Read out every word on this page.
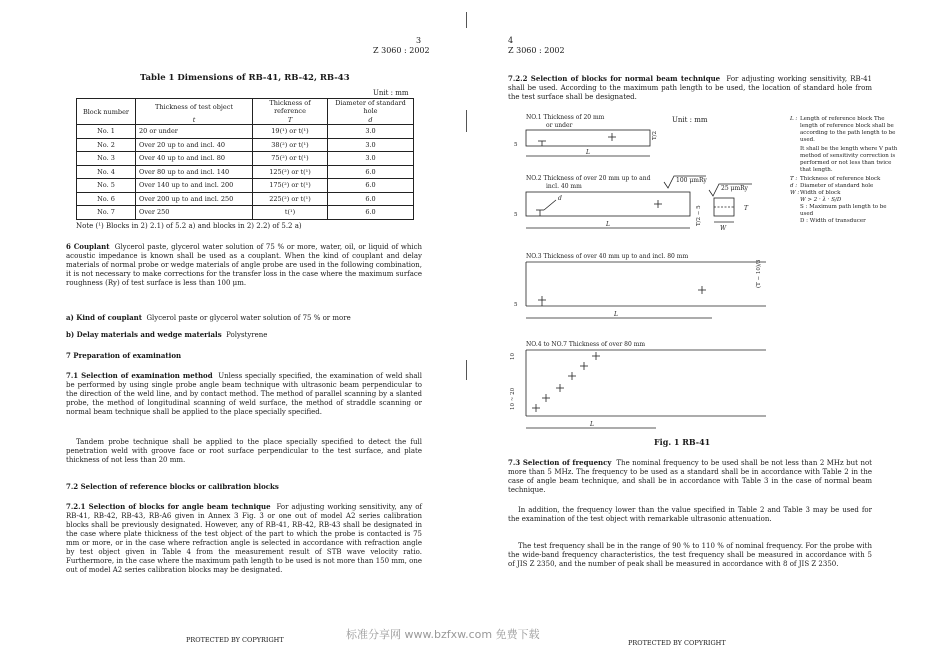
3
Z 3060 : 2002
Table 1 Dimensions of RB-41, RB-42, RB-43
Unit : mm
Block number	Thickness of test object	Thickness of reference	Diameter of standard hole
	t	T	d
No. 1	20 or under	19(¹) or t(¹)	3.0
No. 2	Over 20 up to and incl. 40	38(²) or t(¹)	3.0
No. 3	Over 40 up to and incl. 80	75(²) or t(¹)	3.0
No. 4	Over 80 up to and incl. 140	125(²) or t(¹)	6.0
No. 5	Over 140 up to and incl. 200	175(²) or t(¹)	6.0
No. 6	Over 200 up to and incl. 250	225(²) or t(¹)	6.0
No. 7	Over 250	t(¹)	6.0
Note (¹) Blocks in 2) 2.1) of 5.2 a) and blocks in 2) 2.2) of 5.2 a)
6 Couplant Glycerol paste, glycerol water solution of 75 % or more, water, oil, or liquid of which acoustic impedance is known shall be used as a couplant. When the kind of couplant and delay materials of normal probe or wedge materials of angle probe are used in the following combination, it is not necessary to make corrections for the transfer loss in the case where the maximum surface roughness (Ry) of test surface is less than 100 μm.
a) Kind of couplant Glycerol paste or glycerol water solution of 75 % or more
b) Delay materials and wedge materials Polystyrene
7 Preparation of examination
7.1 Selection of examination method Unless specially specified, the examination of weld shall be performed by using single probe angle beam technique with ultrasonic beam perpendicular to the direction of the weld line, and by contact method. The method of parallel scanning by a slanted probe, the method of longitudinal scanning of weld surface, the method of straddle scanning or normal beam technique shall be applied to the place specially specified.
Tandem probe technique shall be applied to the place specially specified to detect the full penetration weld with groove face or root surface perpendicular to the test surface, and plate thickness of not less than 20 mm.
7.2 Selection of reference blocks or calibration blocks
7.2.1 Selection of blocks for angle beam technique For adjusting working sensitivity, any of RB-41, RB-42, RB-43, RB-A6 given in Annex 3 Fig. 3 or one out of model A2 series calibration blocks shall be previously designated. However, any of RB-41, RB-42, RB-43 shall be designated in the case where plate thickness of the test object of the part to which the probe is contacted is 75 mm or more, or in the case where refraction angle is selected in accordance with refraction angle by test object given in Table 4 from the measurement result of STB wave velocity ratio. Furthermore, in the case where the maximum path length to be used is not more than 150 mm, one out of model A2 series calibration blocks may be designated.
PROTECTED BY COPYRIGHT
4
Z 3060 : 2002
7.2.2 Selection of blocks for normal beam technique For adjusting working sensitivity, RB-41 shall be used. According to the maximum path length to be used, the location of standard hole from the test surface shall be designated.
NO.1 Thickness of 20 mm
or under
L
5
T/2
NO.2 Thickness of over 20 mm up to and
incl. 40 mm
d
L
5	T/2 − 5
100 μmRy
25 μmRy
W
T
NO.3 Thickness of over 40 mm up to and incl. 80 mm
L
5
NO.4 to NO.7 Thickness of over 80 mm
L
10
10 ~ 20
(T − 10)/3
Unit : mm	L : Length of reference block The length of reference block shall be according to the path length to be used.
It shall be the length where V path method of sensitivity correction is performed or not less than twice that length.
T : Thickness of reference block
d : Diameter of standard hole
W : Width of block
W > 2 · λ · S/D
S : Maximum path length to be used
D : Width of transducer
Fig. 1 RB-41
7.3 Selection of frequency The nominal frequency to be used shall be not less than 2 MHz but not more than 5 MHz. The frequency to be used as a standard shall be in accordance with Table 2 in the case of angle beam technique, and shall be in accordance with Table 3 in the case of normal beam technique.
In addition, the frequency lower than the value specified in Table 2 and Table 3 may be used for the examination of the test object with remarkable ultrasonic attenuation.
The test frequency shall be in the range of 90 % to 110 % of nominal frequency. For the probe with the wide-band frequency characteristics, the test frequency shall be measured in accordance with 5 of JIS Z 2350, and the number of peak shall be measured in accordance with 8 of JIS Z 2350.
PROTECTED BY COPYRIGHT
标准分享网 www.bzfxw.com 免费下载
